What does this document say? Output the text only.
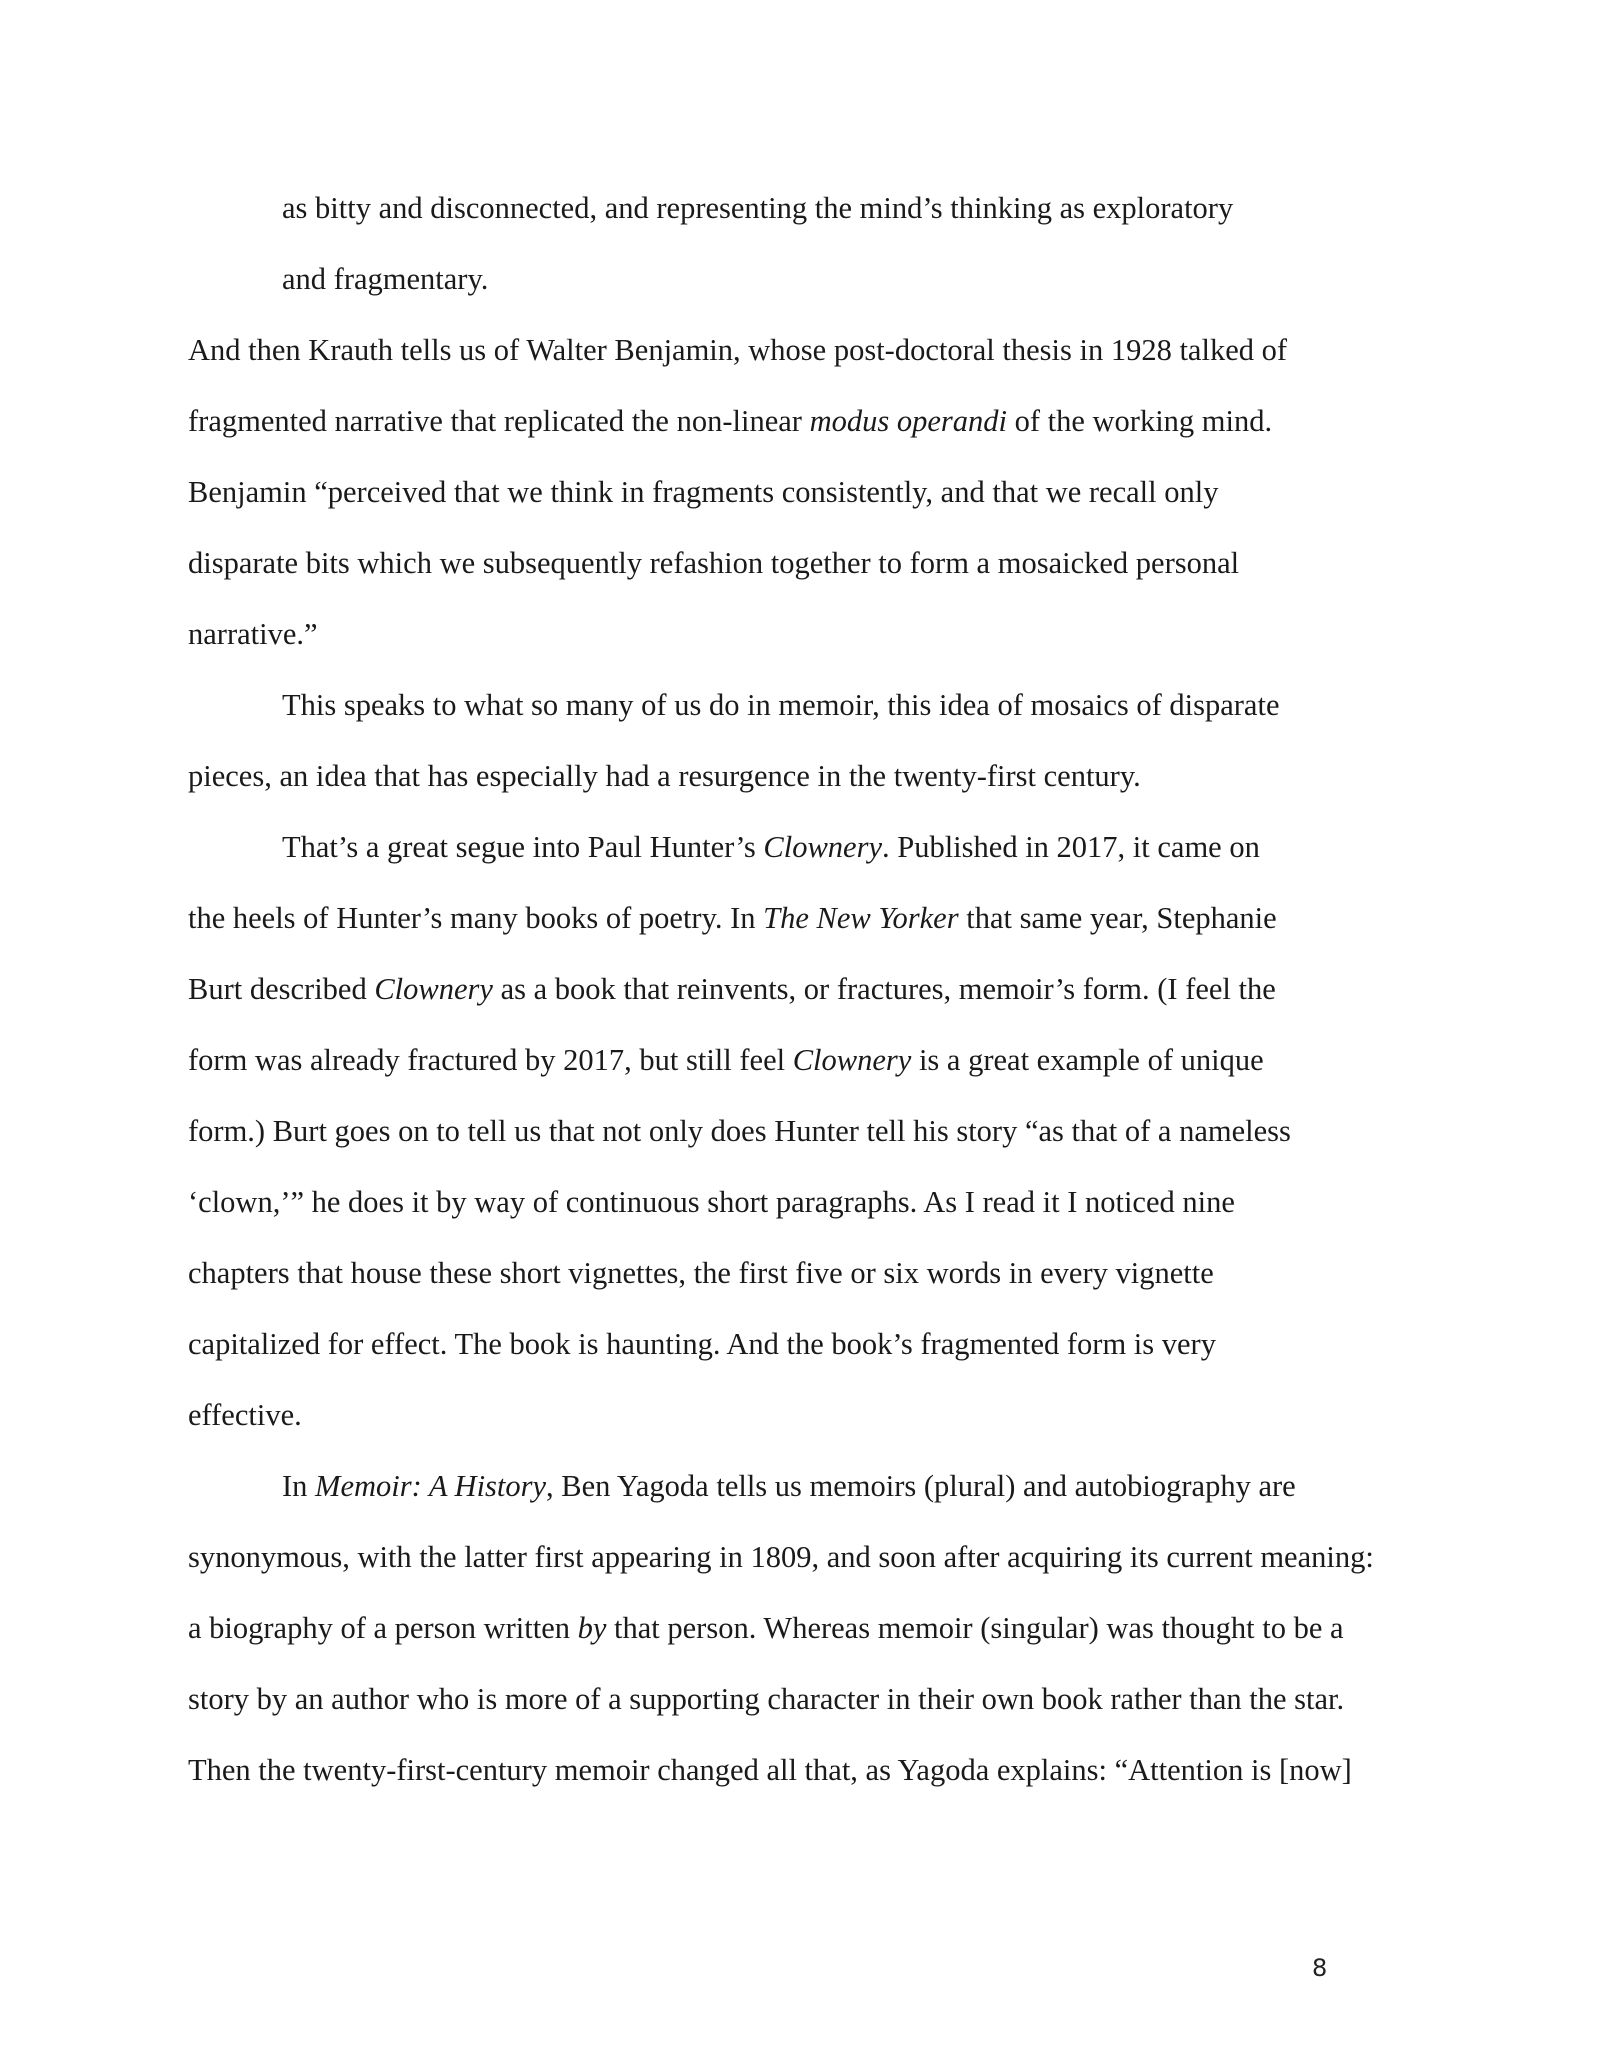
as bitty and disconnected, and representing the mind’s thinking as exploratory
and fragmentary.
And then Krauth tells us of Walter Benjamin, whose post-doctoral thesis in 1928 talked of
fragmented narrative that replicated the non-linear modus operandi of the working mind.
Benjamin “perceived that we think in fragments consistently, and that we recall only
disparate bits which we subsequently refashion together to form a mosaicked personal
narrative.”
This speaks to what so many of us do in memoir, this idea of mosaics of disparate
pieces, an idea that has especially had a resurgence in the twenty-first century.
That’s a great segue into Paul Hunter’s Clownery. Published in 2017, it came on
the heels of Hunter’s many books of poetry. In The New Yorker that same year, Stephanie
Burt described Clownery as a book that reinvents, or fractures, memoir’s form. (I feel the
form was already fractured by 2017, but still feel Clownery is a great example of unique
form.) Burt goes on to tell us that not only does Hunter tell his story “as that of a nameless
‘clown,’” he does it by way of continuous short paragraphs. As I read it I noticed nine
chapters that house these short vignettes, the first five or six words in every vignette
capitalized for effect. The book is haunting. And the book’s fragmented form is very
effective.
In Memoir: A History, Ben Yagoda tells us memoirs (plural) and autobiography are
synonymous, with the latter first appearing in 1809, and soon after acquiring its current meaning:
a biography of a person written by that person. Whereas memoir (singular) was thought to be a
story by an author who is more of a supporting character in their own book rather than the star.
Then the twenty-first-century memoir changed all that, as Yagoda explains: “Attention is [now]
8
